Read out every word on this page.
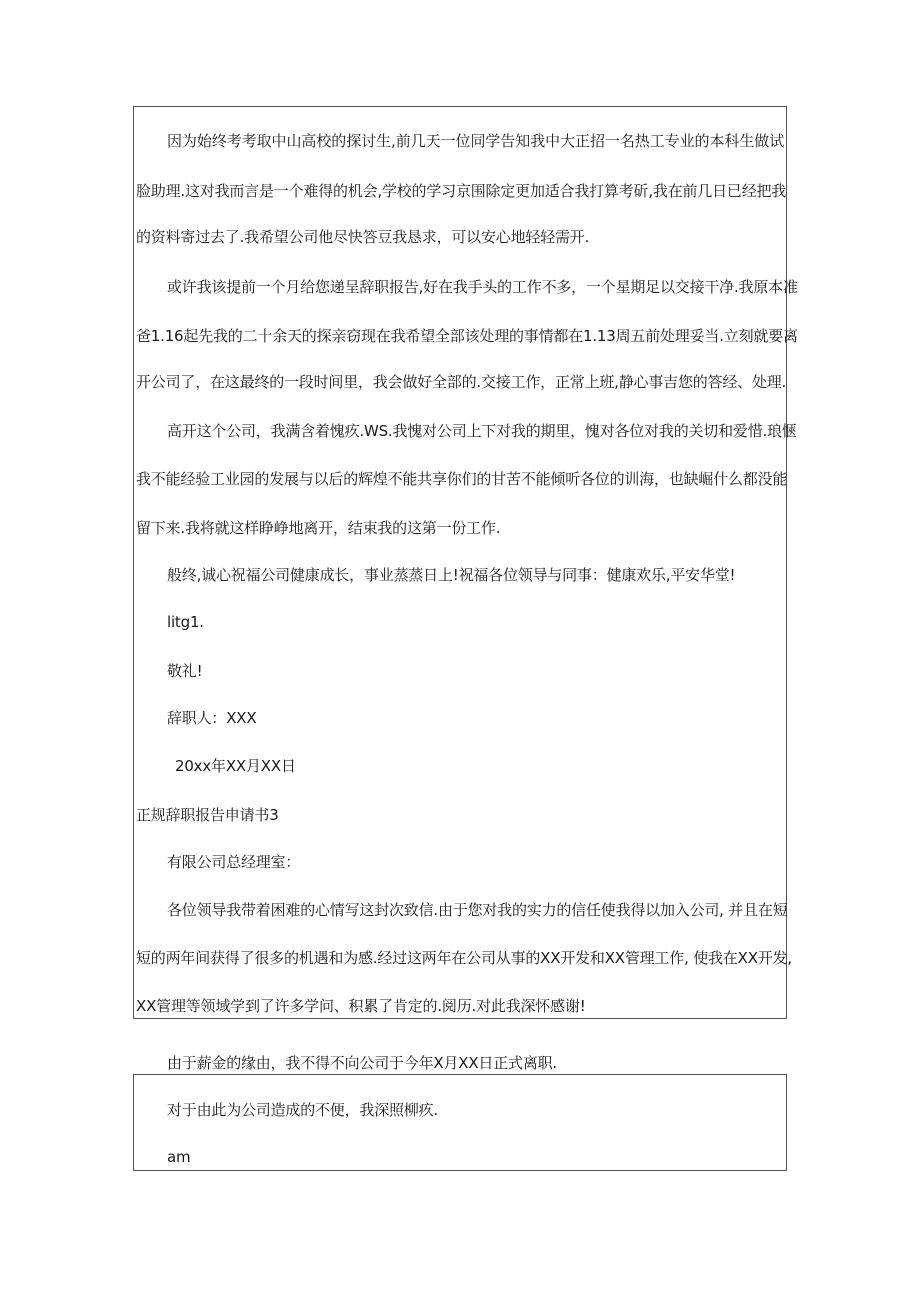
因为始终考考取中山高校的探讨生,前几天一位同学告知我中大正招一名热工专业的本科生做试
脸助理.这对我而言是一个难得的机会,学校的学习京围除定更加适合我打算考斫,我在前几日已经把我
的资料寄过去了.我希望公司他尽快答豆我恳求，可以安心地轻轻需开.
或许我该提前一个月给您递呈辞职报告,好在我手头的工作不多，一个星期足以交接干净.我原本准
爸1.16起先我的二十余天的探亲窃现在我希望全部该处理的事情都在1.13周五前处理妥当.立刻就要离
开公司了，在这最终的一段时间里，我会做好全部的.交接工作，正常上班,静心事吉您的答经、处理.
高开这个公司，我满含着愧疚.WS.我愧对公司上下对我的期里，愧对各位对我的关切和爱惜.琅愜
我不能经验工业园的发展与以后的辉煌不能共享你们的甘苦不能倾听各位的训海，也缺崛什么都没能
留下来.我将就这样睁峥地离开，结束我的这第一份工作.
般终,诚心祝福公司健康成长，事业蒸蒸日上!祝福各位领导与同事：健康欢乐,平安华堂!
litg1.
敬礼!
辞职人：XXX
20xx年XX月XX日
正规辞职报告申请书3
有限公司总经理室：
各位领导我带着困难的心情写这封次致信.由于您对我的实力的信任使我得以加入公司, 并且在短
短的两年间获得了很多的机遇和为感.经过这两年在公司从事的XX开发和XX管理工作, 使我在XX开发,
XX管理等领域学到了许多学问、积累了肯定的.阅历.对此我深怀感谢!
由于薪金的缘由，我不得不向公司于今年X月XX日正式离职.
对于由此为公司造成的不便，我深照柳疚.
am
